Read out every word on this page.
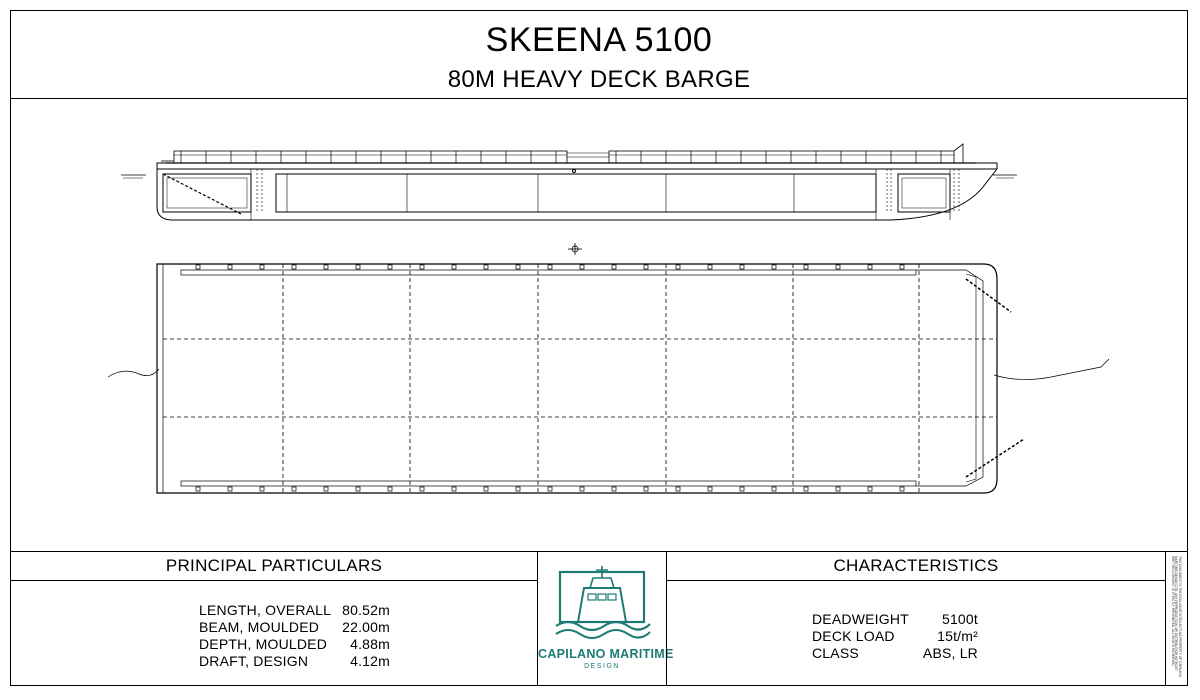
SKEENA 5100
80M HEAVY DECK BARGE
PRINCIPAL PARTICULARS
LENGTH, OVERALL 80.52m
BEAM, MOULDED 22.00m
DEPTH, MOULDED 4.88m
DRAFT, DESIGN	4.12m	CAPILANO MARITIME
DESIGN
CHARACTERISTICS
DEADWEIGHT 5100t
DECK LOAD	15t/m²
CLASS	ABS, LR	THIS DOCUMENT IS THE EXCLUSIVE INTELLECTUAL PROPERTY OF CAPILANO MARITIME DESIGN LTD. ANY REPRODUCTION OR DISTRIBUTION WITHOUT WRITTEN CONSENT IS STRICTLY PROHIBITED. ALL RIGHTS RESERVED.
